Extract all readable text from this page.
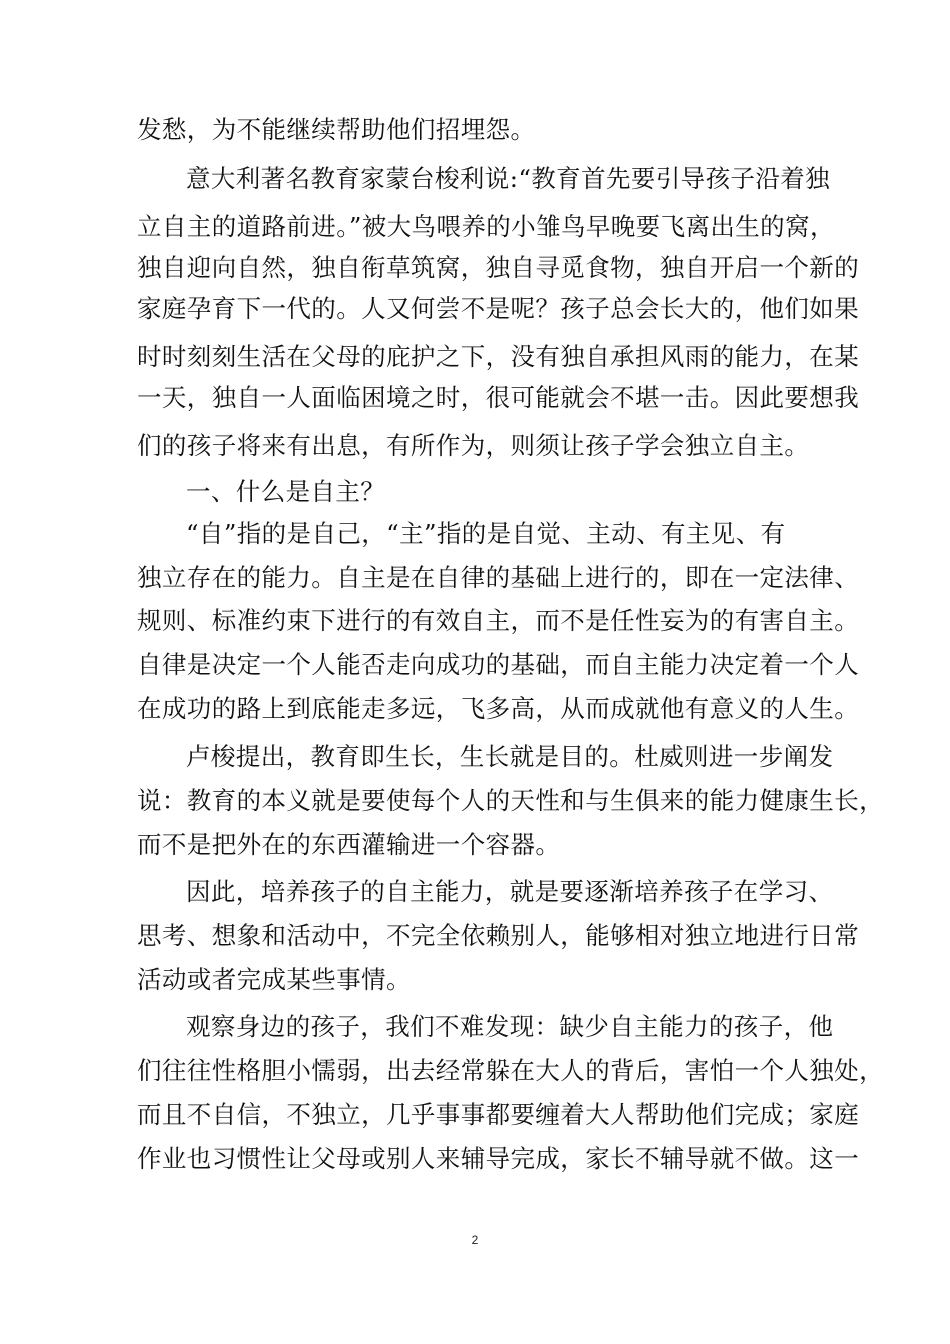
发愁，为不能继续帮助他们招埋怨。
意大利著名教育家蒙台梭利说:“教育首先要引导孩子沿着独
立自主的道路前进。”被大鸟喂养的小雏鸟早晚要飞离出生的窝，
独自迎向自然，独自衔草筑窝，独自寻觅食物，独自开启一个新的
家庭孕育下一代的。人又何尝不是呢？孩子总会长大的，他们如果
时时刻刻生活在父母的庇护之下，没有独自承担风雨的能力，在某
一天，独自一人面临困境之时，很可能就会不堪一击。因此要想我
们的孩子将来有出息，有所作为，则须让孩子学会独立自主。
一、什么是自主？
“自”指的是自己，“主”指的是自觉、主动、有主见、有
独立存在的能力。自主是在自律的基础上进行的，即在一定法律、
规则、标准约束下进行的有效自主，而不是任性妄为的有害自主。
自律是决定一个人能否走向成功的基础，而自主能力决定着一个人
在成功的路上到底能走多远，飞多高，从而成就他有意义的人生。
卢梭提出，教育即生长，生长就是目的。杜威则进一步阐发
说：教育的本义就是要使每个人的天性和与生俱来的能力健康生长，
而不是把外在的东西灌输进一个容器。
因此，培养孩子的自主能力，就是要逐渐培养孩子在学习、
思考、想象和活动中，不完全依赖别人，能够相对独立地进行日常
活动或者完成某些事情。
观察身边的孩子，我们不难发现：缺少自主能力的孩子，他
们往往性格胆小懦弱，出去经常躲在大人的背后，害怕一个人独处，
而且不自信，不独立，几乎事事都要缠着大人帮助他们完成；家庭
作业也习惯性让父母或别人来辅导完成，家长不辅导就不做。这一
2
